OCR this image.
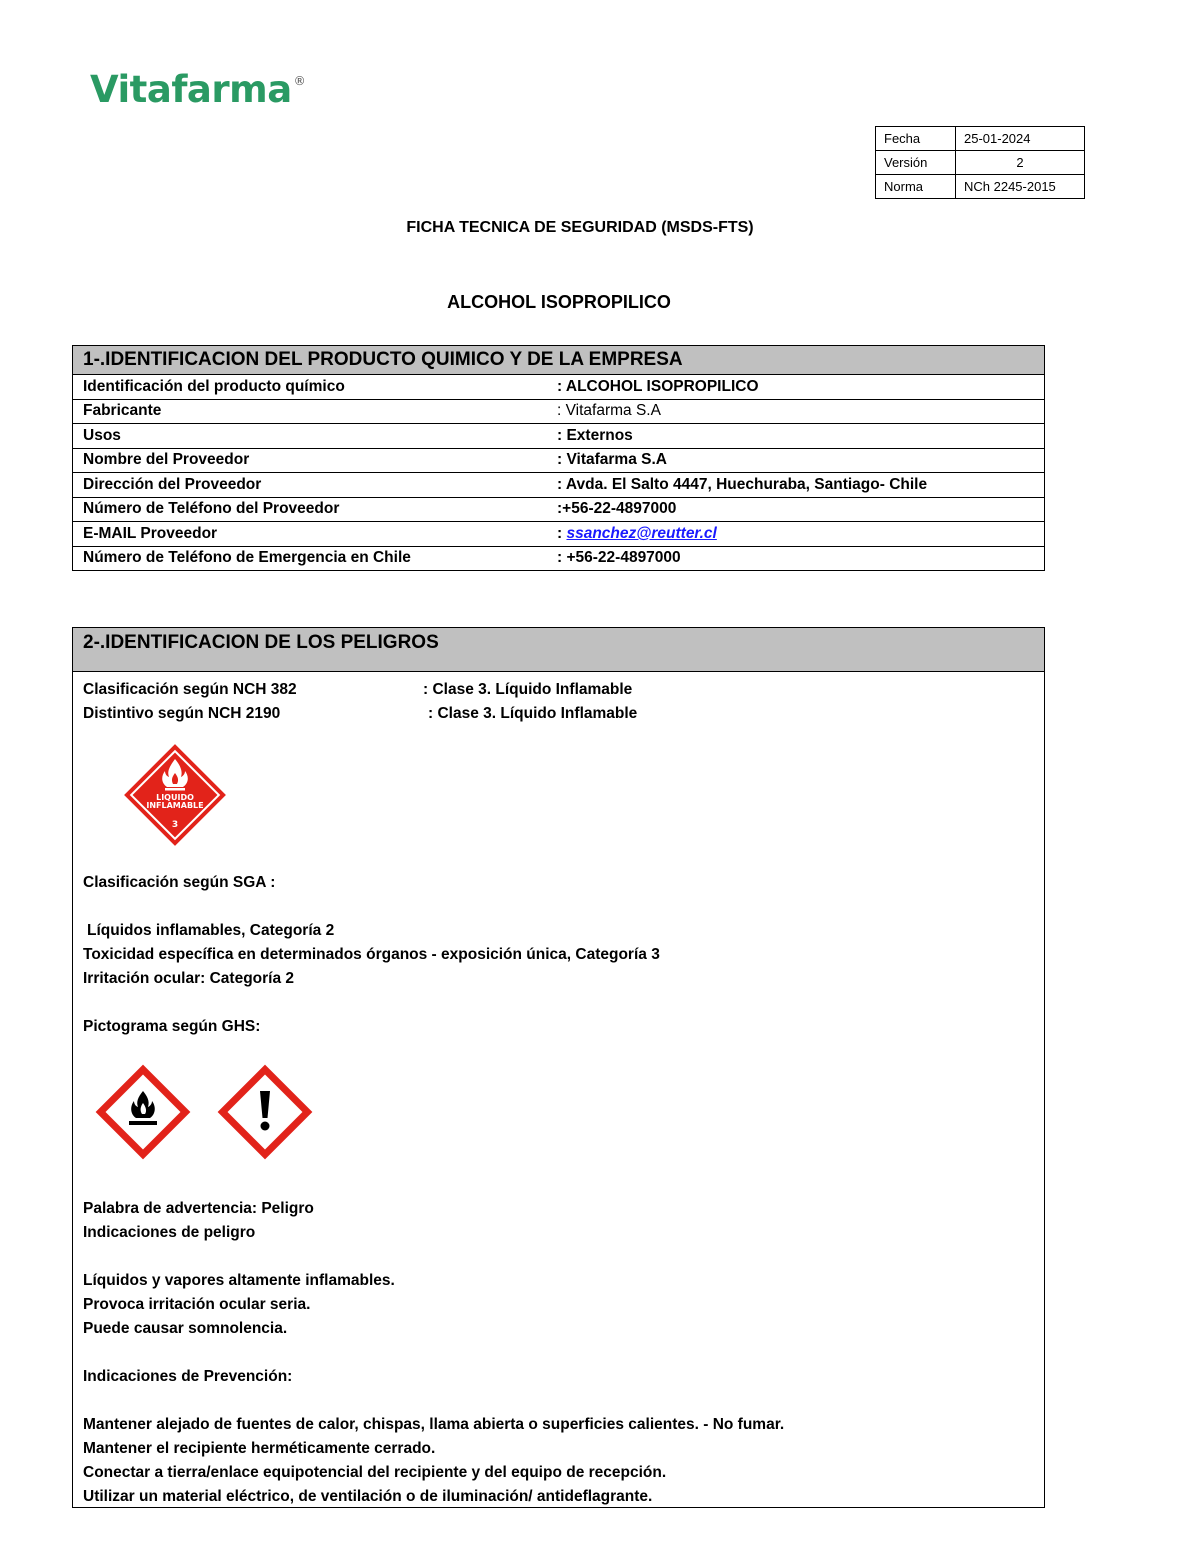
Vitafarma ®
Fecha	25-01-2024
Versión	2
Norma	NCh 2245-2015
FICHA TECNICA DE SEGURIDAD (MSDS-FTS)
ALCOHOL ISOPROPILICO
1-.IDENTIFICACION DEL PRODUCTO QUIMICO Y DE LA EMPRESA
Identificación del producto químico	: ALCOHOL ISOPROPILICO
Fabricante	: Vitafarma S.A
Usos	: Externos
Nombre del Proveedor	: Vitafarma S.A
Dirección del Proveedor	: Avda. El Salto 4447, Huechuraba, Santiago- Chile
Número de Teléfono del Proveedor	:+56-22-4897000
E-MAIL Proveedor	: ssanchez@reutter.cl
Número de Teléfono de Emergencia en Chile	: +56-22-4897000
2-.IDENTIFICACION DE LOS PELIGROS
Clasificación según NCH 382	: Clase 3. Líquido Inflamable
Distintivo según NCH 2190	: Clase 3. Líquido Inflamable
LIQUIDO
INFLAMABLE
3
Clasificación según SGA :
Líquidos inflamables, Categoría 2
Toxicidad específica en determinados órganos - exposición única, Categoría 3
Irritación ocular: Categoría 2
Pictograma según GHS:
Palabra de advertencia: Peligro
Indicaciones de peligro
Líquidos y vapores altamente inflamables.
Provoca irritación ocular seria.
Puede causar somnolencia.
Indicaciones de Prevención:
Mantener alejado de fuentes de calor, chispas, llama abierta o superficies calientes. - No fumar.
Mantener el recipiente herméticamente cerrado.
Conectar a tierra/enlace equipotencial del recipiente y del equipo de recepción.
Utilizar un material eléctrico, de ventilación o de iluminación/ antideflagrante.
